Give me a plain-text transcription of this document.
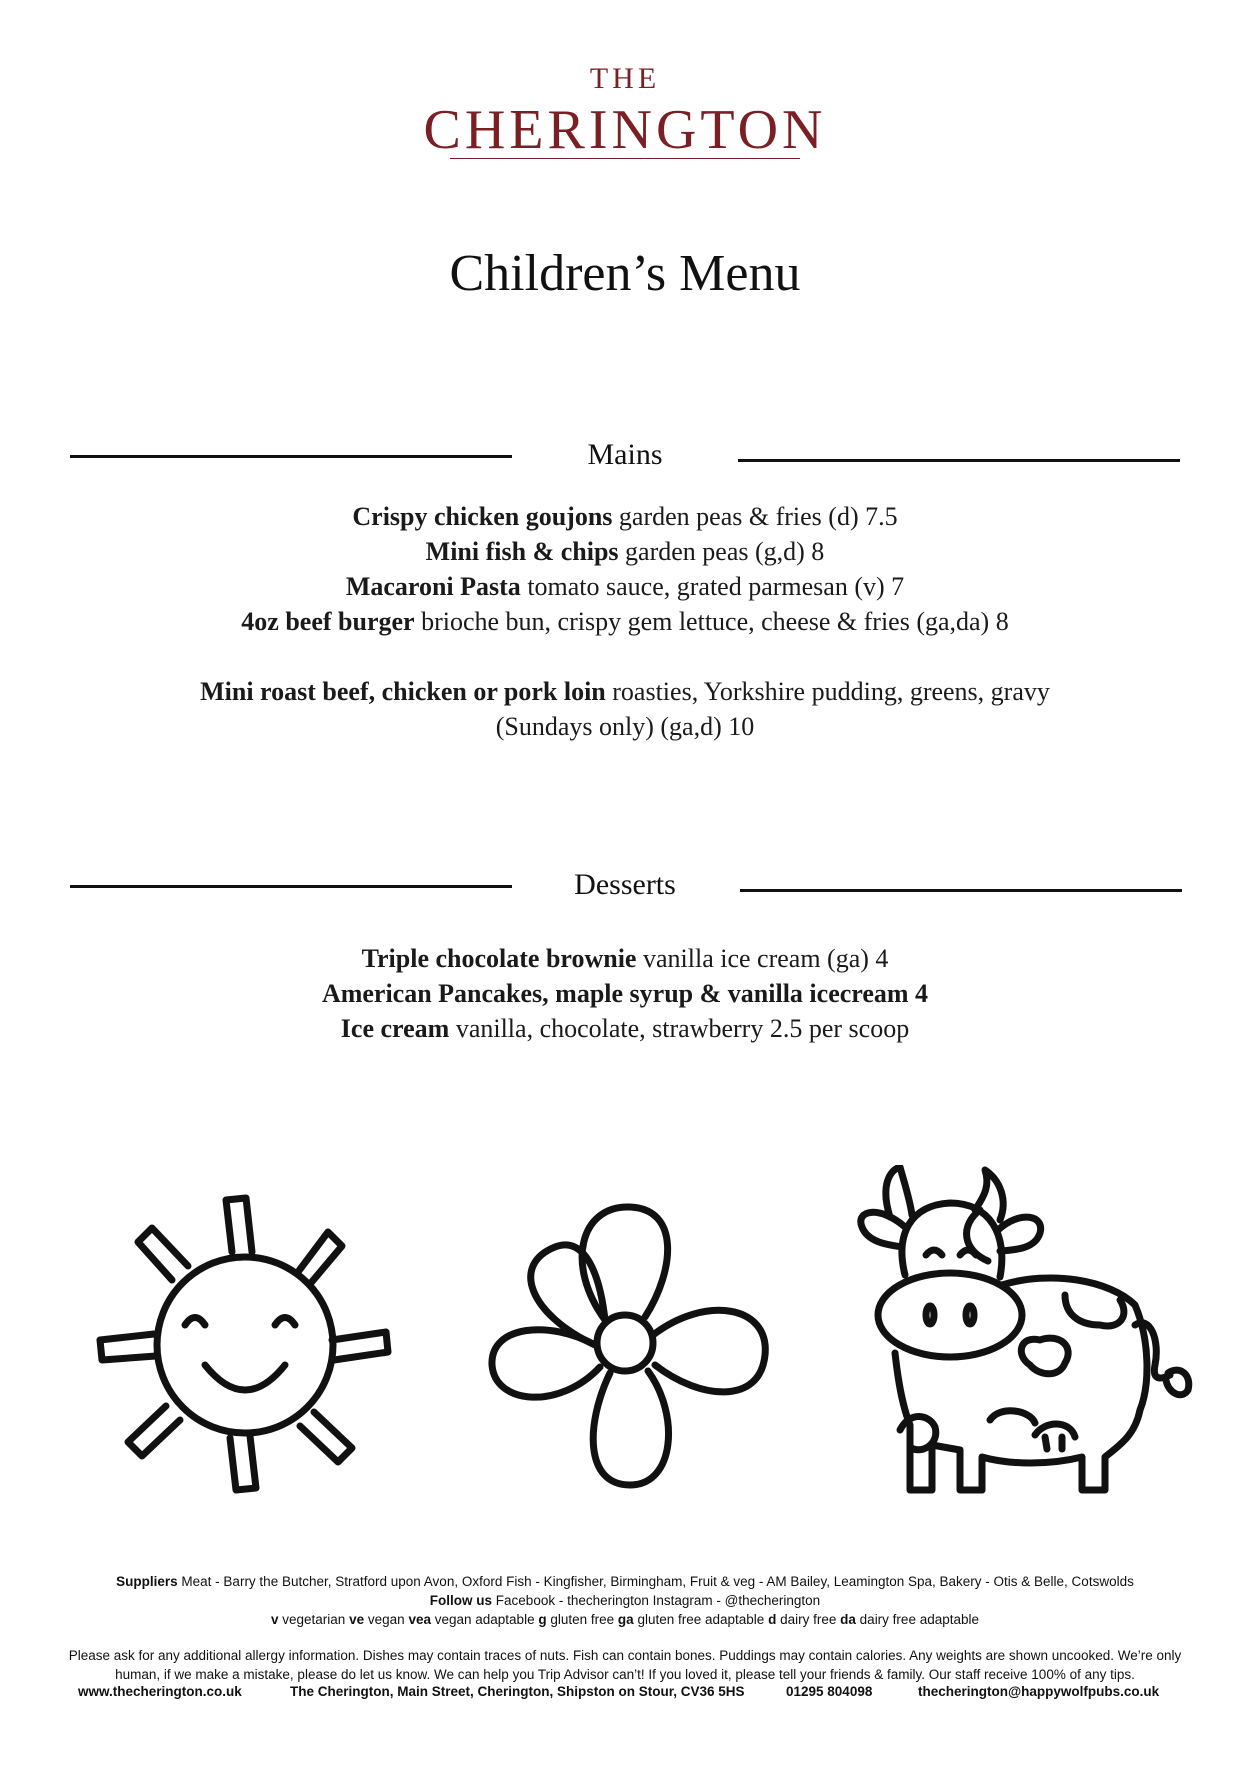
THE
CHERINGTON
Children’s Menu
Mains
Crispy chicken goujons garden peas & fries (d) 7.5
Mini fish & chips garden peas (g,d) 8
Macaroni Pasta tomato sauce, grated parmesan (v) 7
4oz beef burger brioche bun, crispy gem lettuce, cheese & fries (ga,da) 8
Mini roast beef, chicken or pork loin roasties, Yorkshire pudding, greens, gravy
(Sundays only) (ga,d) 10
Desserts
Triple chocolate brownie vanilla ice cream (ga) 4
American Pancakes, maple syrup & vanilla icecream 4
Ice cream vanilla, chocolate, strawberry 2.5 per scoop
Suppliers Meat - Barry the Butcher, Stratford upon Avon, Oxford Fish - Kingfisher, Birmingham, Fruit & veg - AM Bailey, Leamington Spa, Bakery - Otis & Belle, Cotswolds
Follow us Facebook - thecherington Instagram - @thecherington
v vegetarian ve vegan vea vegan adaptable g gluten free ga gluten free adaptable d dairy free da dairy free adaptable
Please ask for any additional allergy information. Dishes may contain traces of nuts. Fish can contain bones. Puddings may contain calories. Any weights are shown uncooked. We’re only
human, if we make a mistake, please do let us know. We can help you Trip Advisor can’t! If you loved it, please tell your friends & family. Our staff receive 100% of any tips.
www.thecherington.co.uk	The Cherington, Main Street, Cherington, Shipston on Stour, CV36 5HS	01295 804098	thecherington@happywolfpubs.co.uk
